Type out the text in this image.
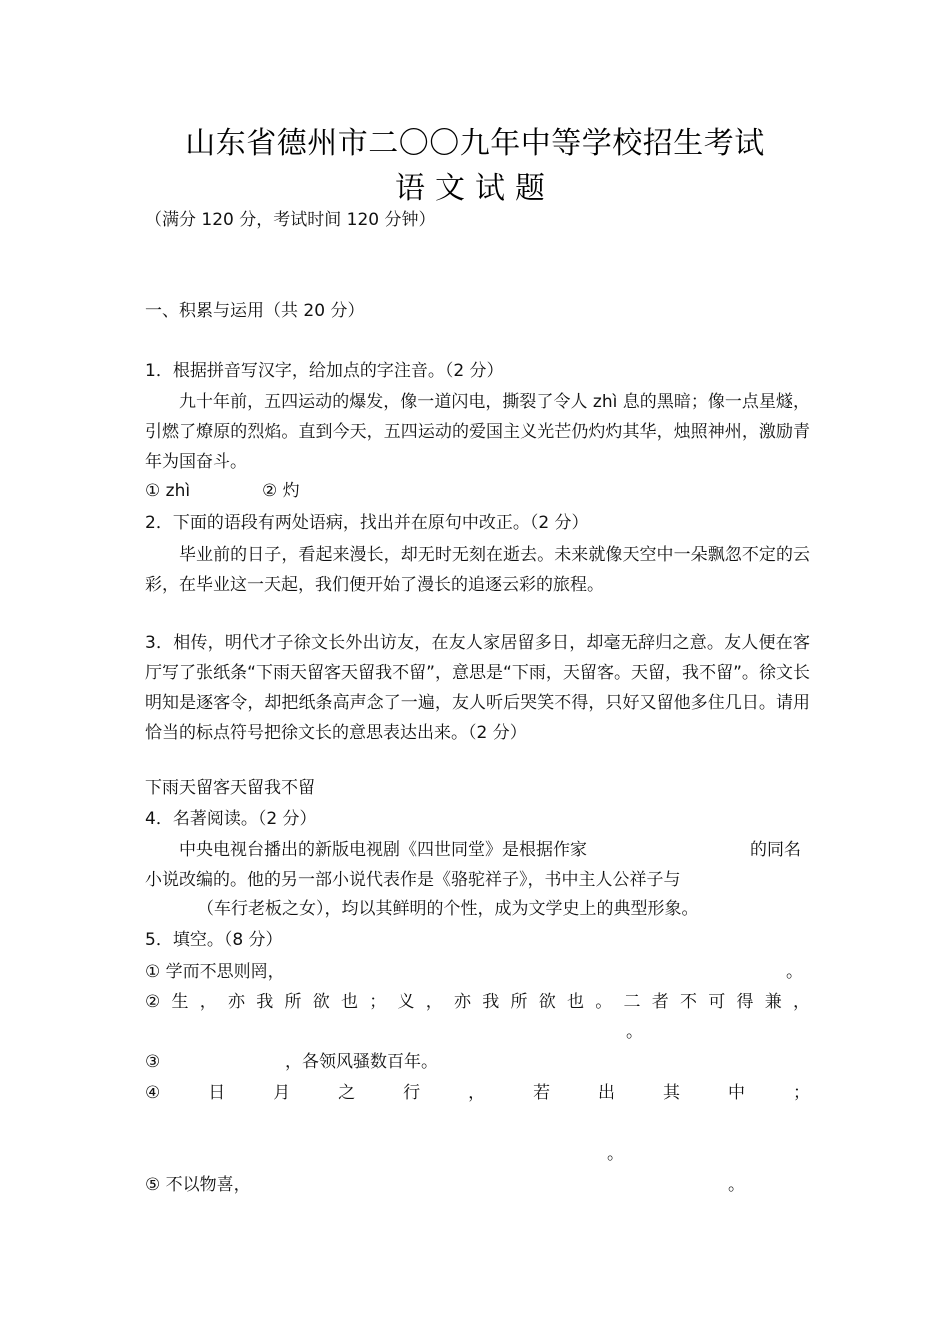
山东省德州市二〇〇九年中等学校招生考试
语文试题
（满分 120 分，考试时间 120 分钟）
一、积累与运用（共 20 分）
1．根据拼音写汉字，给加点的字注音。（2 分）
九十年前，五四运动的爆发，像一道闪电，撕裂了令人 zhì 息的黑暗；像一点星燧，引燃了燎原的烈焰。直到今天，五四运动的爱国主义光芒仍灼灼其华，烛照神州，激励青年为国奋斗。
① zhì	② 灼
2．下面的语段有两处语病，找出并在原句中改正。（2 分）
毕业前的日子，看起来漫长，却无时无刻在逝去。未来就像天空中一朵飘忽不定的云彩，在毕业这一天起，我们便开始了漫长的追逐云彩的旅程。
3．相传，明代才子徐文长外出访友，在友人家居留多日，却毫无辞归之意。友人便在客厅写了张纸条“下雨天留客天留我不留”，意思是“下雨，天留客。天留，我不留”。徐文长明知是逐客令，却把纸条高声念了一遍，友人听后哭笑不得，只好又留他多住几日。请用恰当的标点符号把徐文长的意思表达出来。（2 分）
下雨天留客天留我不留
4．名著阅读。（2 分）
中央电视台播出的新版电视剧《四世同堂》是根据作家	的同名
小说改编的。他的另一部小说代表作是《骆驼祥子》，书中主人公祥子与
（车行老板之女），均以其鲜明的个性，成为文学史上的典型形象。
5．填空。（8 分）
① 学而不思则罔，	。
② 生 ， 亦 我 所 欲 也 ； 义 ， 亦 我 所 欲 也 。 二 者 不 可 得 兼 ，
。
③	，各领风骚数百年。
④	日	月	之	行	，	若	出	其	中	；
。
⑤ 不以物喜，	。
